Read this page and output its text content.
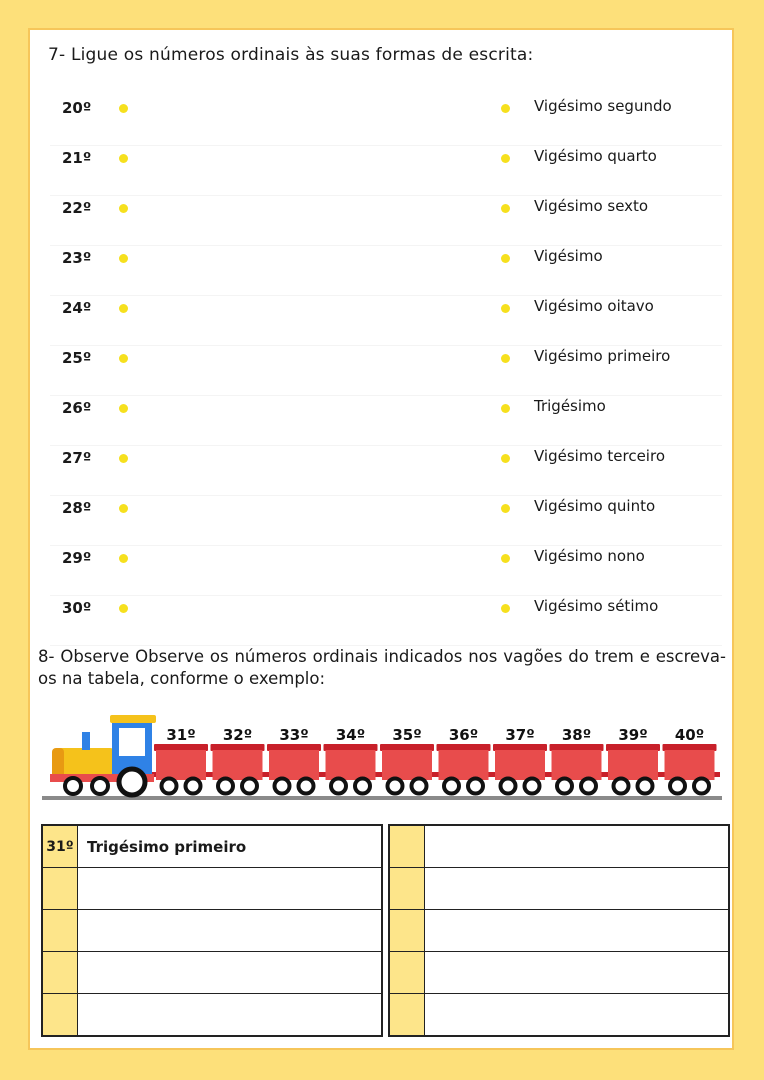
7- Ligue os números ordinais às suas formas de escrita:
20º	Vigésimo segundo
21º	Vigésimo quarto
22º	Vigésimo sexto
23º	Vigésimo
24º	Vigésimo oitavo
25º	Vigésimo primeiro
26º	Trigésimo
27º	Vigésimo terceiro
28º	Vigésimo quinto
29º	Vigésimo nono
30º	Vigésimo sétimo
8- Observe Observe os números ordinais indicados nos vagões do trem e escreva-os na tabela, conforme o exemplo:
31º 32º 33º 34º 35º 36º 37º 38º 39º 40º
31º	Trigésimo primeiro
